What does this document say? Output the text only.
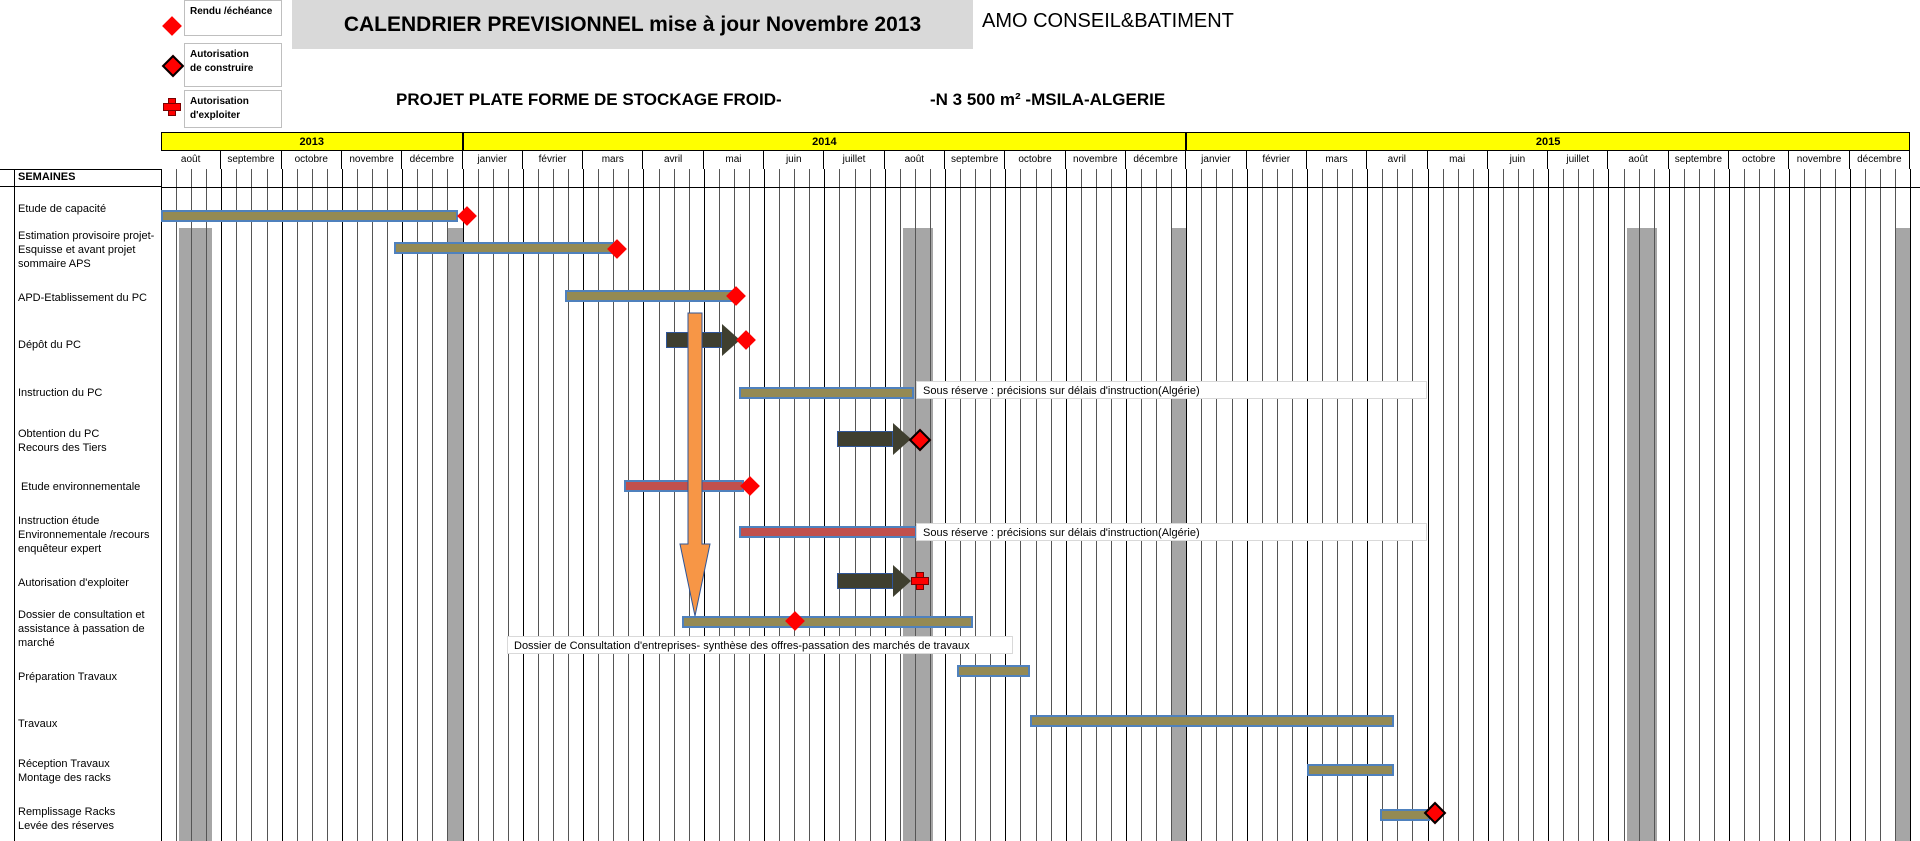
Rendu /échéance
Autorisation
de construire
Autorisation
d'exploiter
CALENDRIER PREVISIONNEL mise à jour Novembre 2013	AMO CONSEIL&BATIMENT
PROJET PLATE FORME DE STOCKAGE FROID-	-N 3 500 m² -MSILA-ALGERIE
2013	2014	2015
août	septembre	octobre	novembre	décembre	janvier	février	mars	avril	mai	juin	juillet	août	septembre	octobre	novembre	décembre	janvier	février	mars	avril	mai	juin	juillet	août	septembre	octobre	novembre	décembre
SEMAINES
Etude de capacité
Estimation provisoire projet-Esquisse et avant projet sommaire APS
APD-Etablissement du PC
Dépôt du PC
Instruction du PC
Obtention du PC Recours des Tiers
Etude environnementale
Instruction étude Environnementale /recours enquêteur expert
Autorisation d'exploiter
Dossier de consultation et assistance à passation de marché
Préparation Travaux
Travaux
Réception Travaux Montage des racks
Remplissage Racks Levée des réserves
Sous réserve : précisions sur délais d'instruction(Algérie)
Sous réserve : précisions sur délais d'instruction(Algérie)
Dossier de Consultation d'entreprises- synthèse des offres-passation des marchés de travaux
